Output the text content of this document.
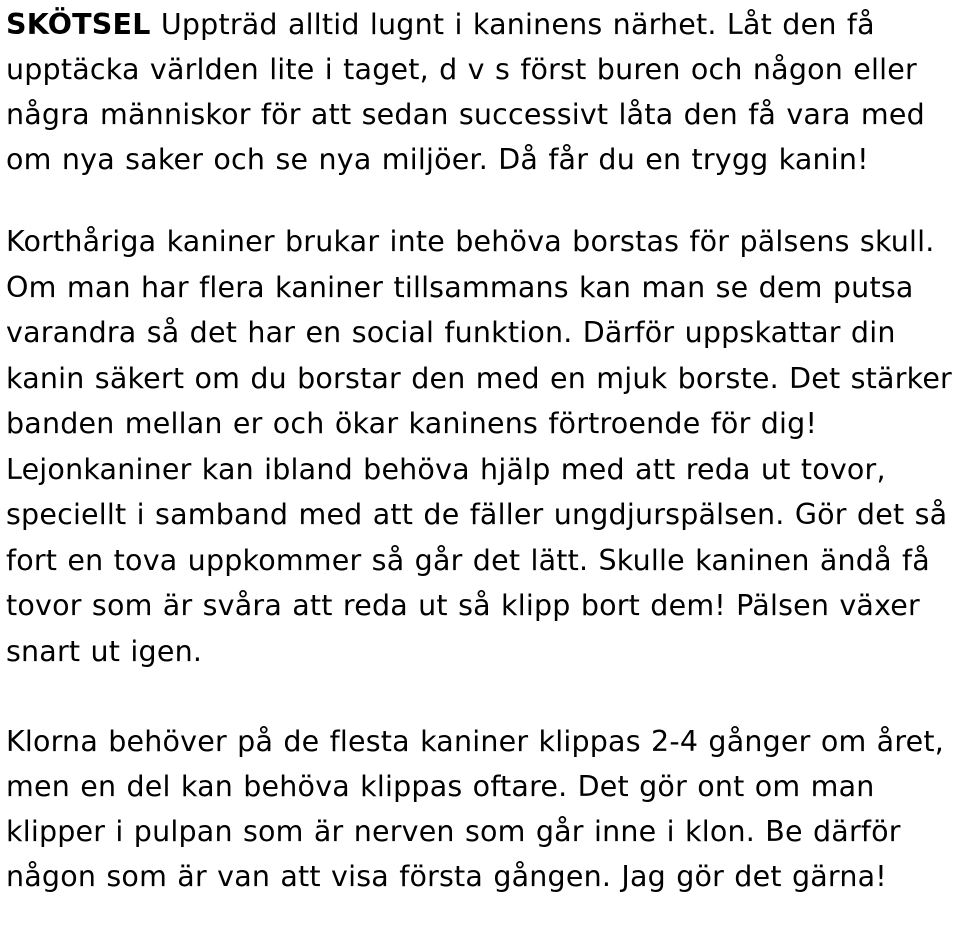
SKÖTSEL Uppträd alltid lugnt i kaninens närhet. Låt den få upptäcka världen lite i taget, d v s först buren och någon eller några människor för att sedan successivt låta den få vara med om nya saker och se nya miljöer. Då får du en trygg kanin!

Korthåriga kaniner brukar inte behöva borstas för pälsens skull. Om man har flera kaniner tillsammans kan man se dem putsa varandra så det har en social funktion. Därför uppskattar din kanin säkert om du borstar den med en mjuk borste. Det stärker banden mellan er och ökar kaninens förtroende för dig! Lejonkaniner kan ibland behöva hjälp med att reda ut tovor, speciellt i samband med att de fäller ungdjurspälsen. Gör det så fort en tova uppkommer så går det lätt. Skulle kaninen ändå få tovor som är svåra att reda ut så klipp bort dem! Pälsen växer snart ut igen.

Klorna behöver på de flesta kaniner klippas 2-4 gånger om året, men en del kan behöva klippas oftare. Det gör ont om man klipper i pulpan som är nerven som går inne i klon. Be därför någon som är van att visa första gången. Jag gör det gärna!
